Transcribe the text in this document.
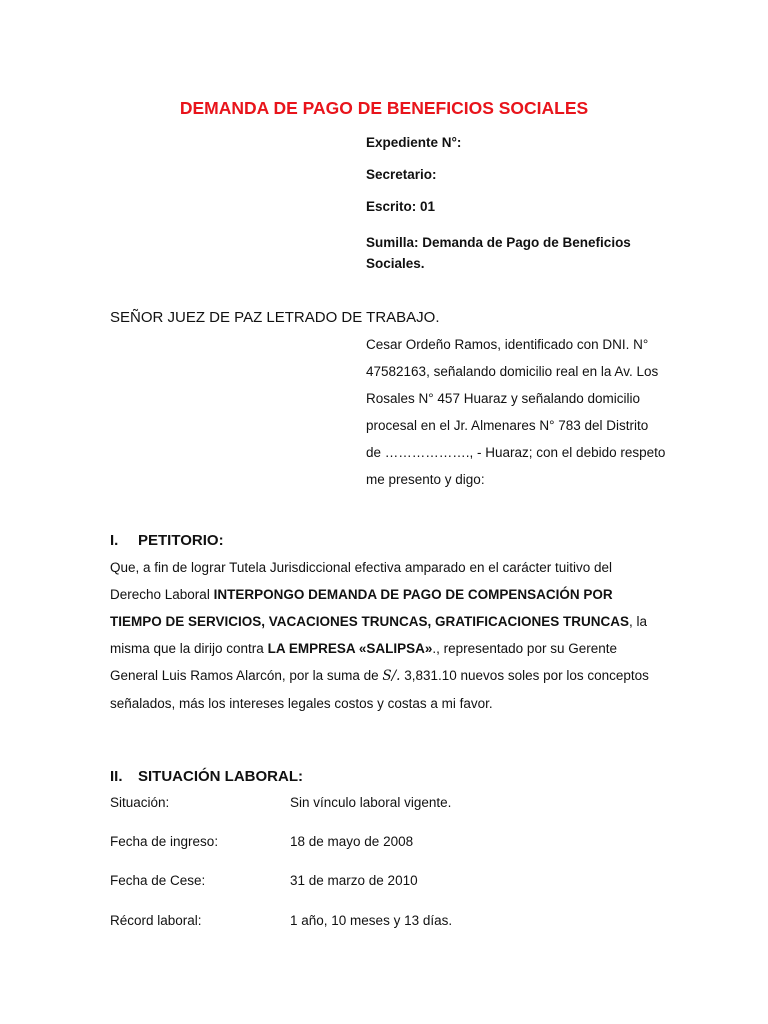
DEMANDA DE PAGO DE BENEFICIOS SOCIALES
Expediente N°:
Secretario:
Escrito: 01
Sumilla: Demanda de Pago de Beneficios Sociales.
SEÑOR JUEZ DE PAZ LETRADO DE TRABAJO.
Cesar Ordeño Ramos, identificado con DNI. N° 47582163, señalando domicilio real en la Av. Los Rosales N° 457 Huaraz y señalando domicilio procesal en el Jr. Almenares N° 783 del Distrito de ………………., - Huaraz; con el debido respeto me presento y digo:
I. PETITORIO:
Que, a fin de lograr Tutela Jurisdiccional efectiva amparado en el carácter tuitivo del Derecho Laboral INTERPONGO DEMANDA DE PAGO DE COMPENSACIÓN POR TIEMPO DE SERVICIOS, VACACIONES TRUNCAS, GRATIFICACIONES TRUNCAS, la misma que la dirijo contra LA EMPRESA «SALIPSA»., representado por su Gerente General Luis Ramos Alarcón, por la suma de S/. 3,831.10 nuevos soles por los conceptos señalados, más los intereses legales costos y costas a mi favor.
II. SITUACIÓN LABORAL:
Situación:	Sin vínculo laboral vigente.
Fecha de ingreso:	18 de mayo de 2008
Fecha de Cese:	31 de marzo de 2010
Récord laboral:	1 año, 10 meses y 13 días.
